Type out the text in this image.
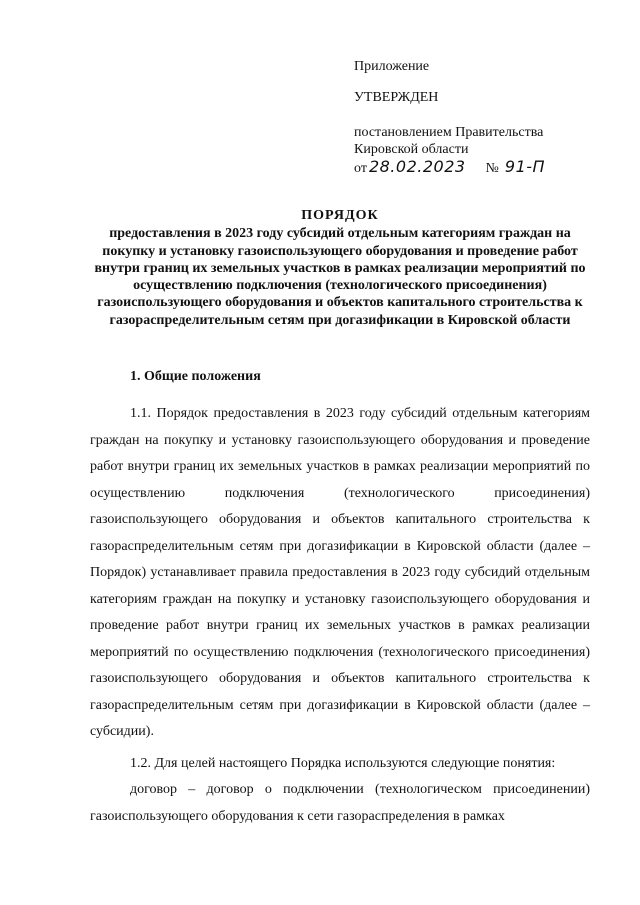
Приложение
УТВЕРЖДЕН
постановлением Правительства
Кировской области
от 28.02.2023 № 91-П
ПОРЯДОК
предоставления в 2023 году субсидий отдельным категориям граждан на покупку и установку газоиспользующего оборудования и проведение работ внутри границ их земельных участков в рамках реализации мероприятий по осуществлению подключения (технологического присоединения) газоиспользующего оборудования и объектов капитального строительства к газораспределительным сетям при догазификации в Кировской области
1. Общие положения

1.1. Порядок предоставления в 2023 году субсидий отдельным категориям граждан на покупку и установку газоиспользующего оборудования и проведение работ внутри границ их земельных участков в рамках реализации мероприятий по осуществлению подключения (технологического присоединения) газоиспользующего оборудования и объектов капитального строительства к газораспределительным сетям при догазификации в Кировской области (далее – Порядок) устанавливает правила предоставления в 2023 году субсидий отдельным категориям граждан на покупку и установку газоиспользующего оборудования и проведение работ внутри границ их земельных участков в рамках реализации мероприятий по осуществлению подключения (технологического присоединения) газоиспользующего оборудования и объектов капитального строительства к газораспределительным сетям при догазификации в Кировской области (далее – субсидии).

1.2. Для целей настоящего Порядка используются следующие понятия:

договор – договор о подключении (технологическом присоединении) газоиспользующего оборудования к сети газораспределения в рамках
